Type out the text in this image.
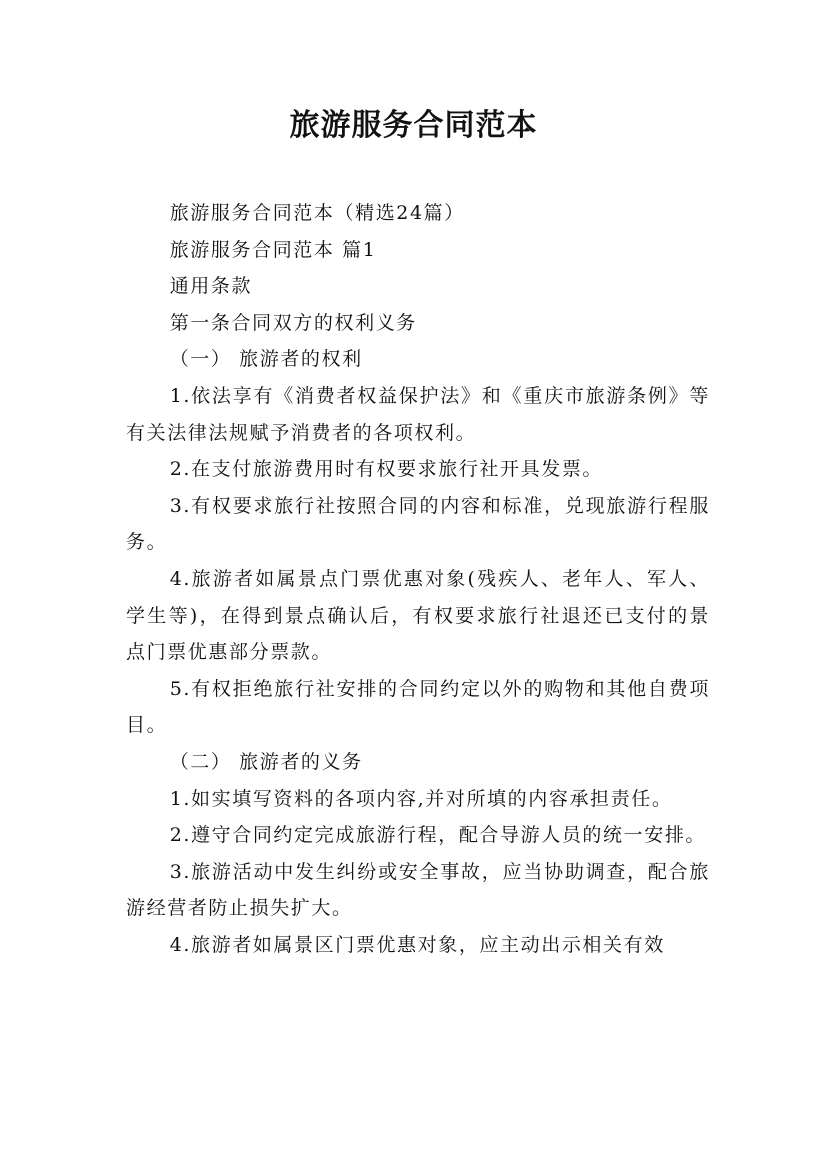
旅游服务合同范本

旅游服务合同范本（精选24篇）

旅游服务合同范本 篇1

通用条款

第一条合同双方的权利义务

（一） 旅游者的权利

1.依法享有《消费者权益保护法》和《重庆市旅游条例》等有关法律法规赋予消费者的各项权利。

2.在支付旅游费用时有权要求旅行社开具发票。

3.有权要求旅行社按照合同的内容和标准，兑现旅游行程服务。

4.旅游者如属景点门票优惠对象(残疾人、老年人、军人、学生等)，在得到景点确认后，有权要求旅行社退还已支付的景点门票优惠部分票款。

5.有权拒绝旅行社安排的合同约定以外的购物和其他自费项目。

（二） 旅游者的义务

1.如实填写资料的各项内容,并对所填的内容承担责任。

2.遵守合同约定完成旅游行程，配合导游人员的统一安排。

3.旅游活动中发生纠纷或安全事故，应当协助调查，配合旅游经营者防止损失扩大。

4.旅游者如属景区门票优惠对象，应主动出示相关有效
